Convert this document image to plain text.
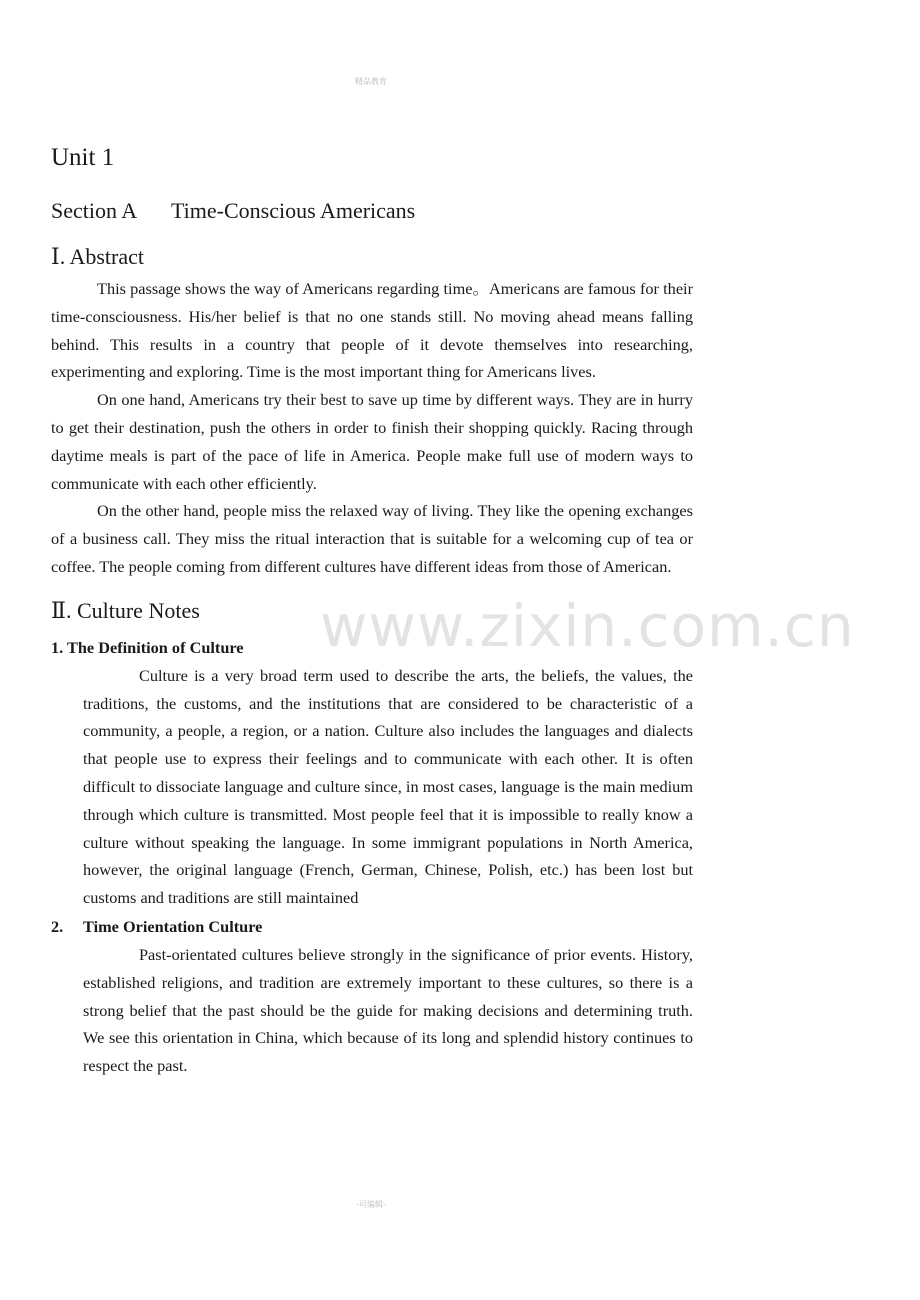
精品教育
www.zixin.com.cn
Unit 1
Section A Time-Conscious Americans
Ⅰ. Abstract

This passage shows the way of Americans regarding time。Americans are famous for their time-consciousness. His/her belief is that no one stands still. No moving ahead means falling behind. This results in a country that people of it devote themselves into researching, experimenting and exploring. Time is the most important thing for Americans lives.

On one hand, Americans try their best to save up time by different ways. They are in hurry to get their destination, push the others in order to finish their shopping quickly. Racing through daytime meals is part of the pace of life in America. People make full use of modern ways to communicate with each other efficiently.

On the other hand, people miss the relaxed way of living. They like the opening exchanges of a business call. They miss the ritual interaction that is suitable for a welcoming cup of tea or coffee. The people coming from different cultures have different ideas from those of American.

Ⅱ. Culture Notes
1. The Definition of Culture

Culture is a very broad term used to describe the arts, the beliefs, the values, the traditions, the customs, and the institutions that are considered to be characteristic of a community, a people, a region, or a nation. Culture also includes the languages and dialects that people use to express their feelings and to communicate with each other. It is often difficult to dissociate language and culture since, in most cases, language is the main medium through which culture is transmitted. Most people feel that it is impossible to really know a culture without speaking the language. In some immigrant populations in North America, however, the original language (French, German, Chinese, Polish, etc.) has been lost but customs and traditions are still maintained

2. Time Orientation Culture

Past-orientated cultures believe strongly in the significance of prior events. History, established religions, and tradition are extremely important to these cultures, so there is a strong belief that the past should be the guide for making decisions and determining truth. We see this orientation in China, which because of its long and splendid history continues to respect the past.

-可编辑-
